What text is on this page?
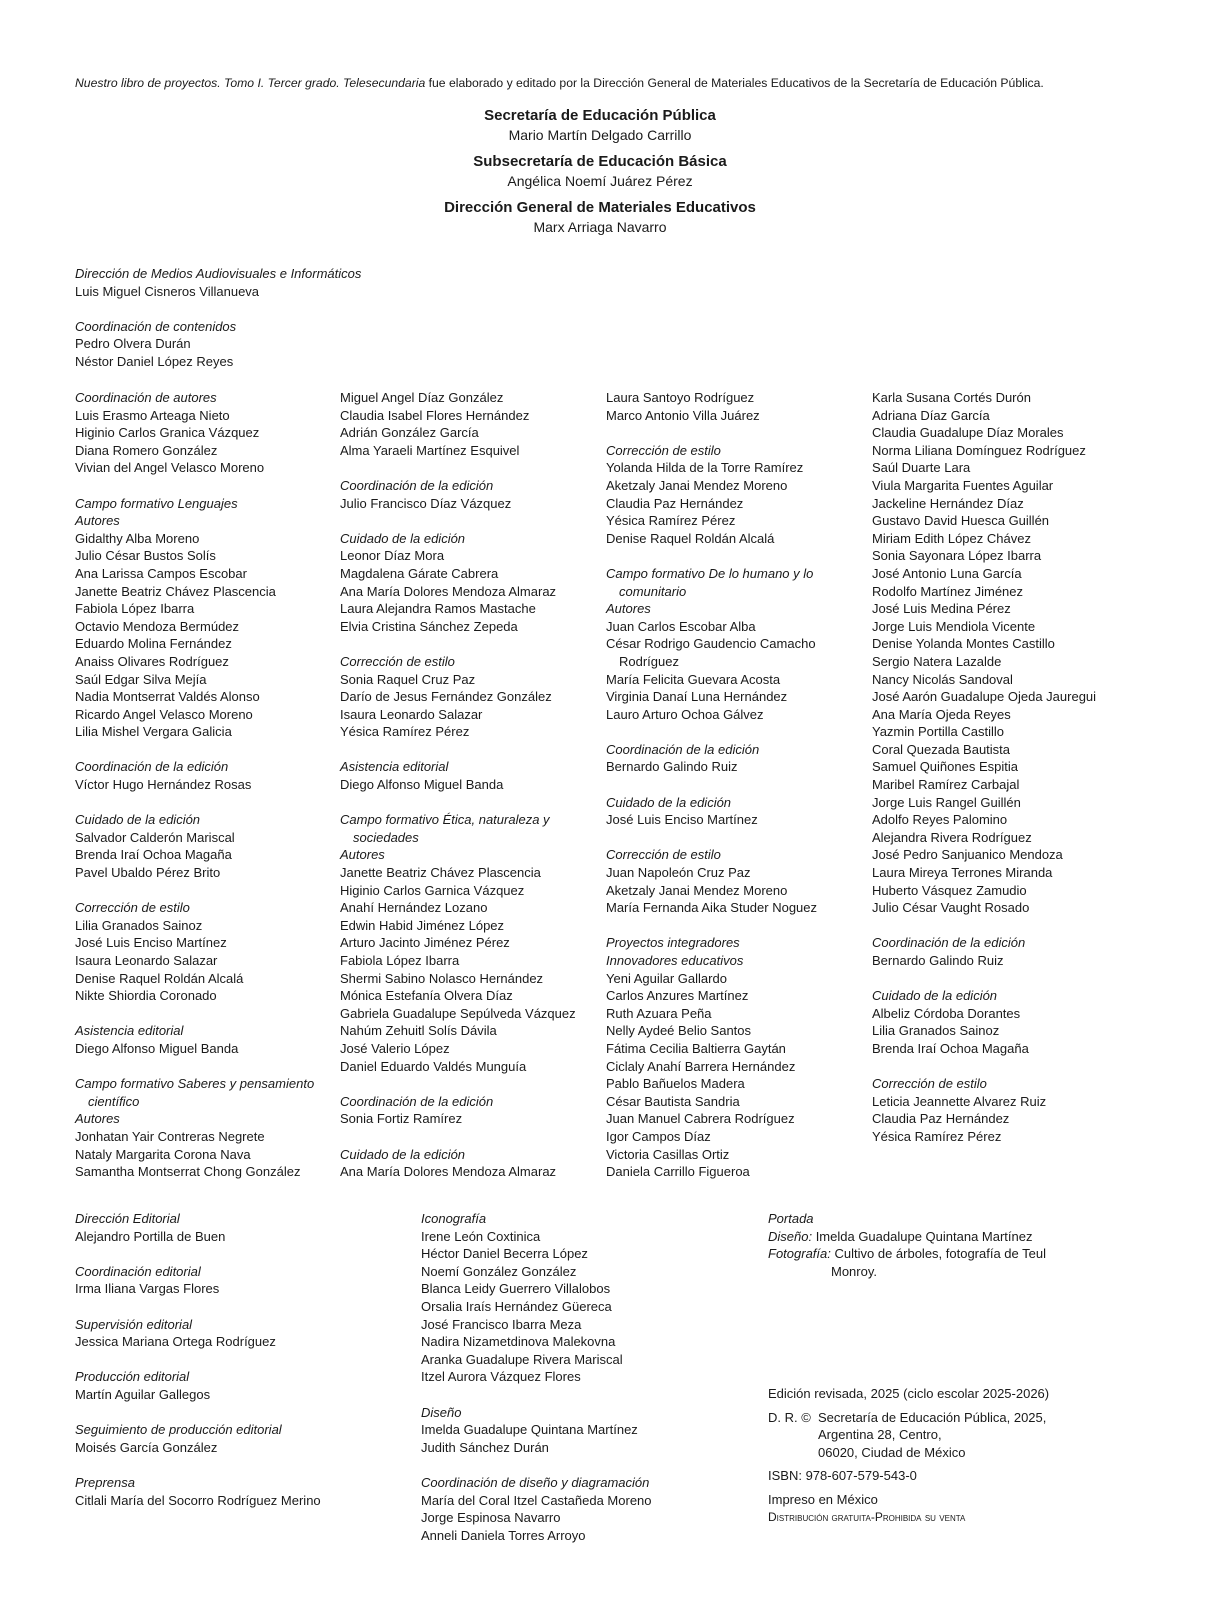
Nuestro libro de proyectos. Tomo I. Tercer grado. Telesecundaria fue elaborado y editado por la Dirección General de Materiales Educativos de la Secretaría de Educación Pública.
Secretaría de Educación Pública
Mario Martín Delgado Carrillo
Subsecretaría de Educación Básica
Angélica Noemí Juárez Pérez
Dirección General de Materiales Educativos
Marx Arriaga Navarro
Dirección de Medios Audiovisuales e Informáticos
Luis Miguel Cisneros Villanueva
Coordinación de contenidos
Pedro Olvera Durán
Néstor Daniel López Reyes
Coordinación de autores
Luis Erasmo Arteaga Nieto
Higinio Carlos Granica Vázquez
Diana Romero González
Vivian del Angel Velasco Moreno
Campo formativo Lenguajes
Autores
Gidalthy Alba Moreno
Julio César Bustos Solís
Ana Larissa Campos Escobar
Janette Beatriz Chávez Plascencia
Fabiola López Ibarra
Octavio Mendoza Bermúdez
Eduardo Molina Fernández
Anaiss Olivares Rodríguez
Saúl Edgar Silva Mejía
Nadia Montserrat Valdés Alonso
Ricardo Angel Velasco Moreno
Lilia Mishel Vergara Galicia
Coordinación de la edición
Víctor Hugo Hernández Rosas
Cuidado de la edición
Salvador Calderón Mariscal
Brenda Iraí Ochoa Magaña
Pavel Ubaldo Pérez Brito
Corrección de estilo
Lilia Granados Sainoz
José Luis Enciso Martínez
Isaura Leonardo Salazar
Denise Raquel Roldán Alcalá
Nikte Shiordia Coronado
Asistencia editorial
Diego Alfonso Miguel Banda
Campo formativo Saberes y pensamiento
científico
Autores
Jonhatan Yair Contreras Negrete
Nataly Margarita Corona Nava
Samantha Montserrat Chong González
Miguel Angel Díaz González
Claudia Isabel Flores Hernández
Adrián González García
Alma Yaraeli Martínez Esquivel
Coordinación de la edición
Julio Francisco Díaz Vázquez
Cuidado de la edición
Leonor Díaz Mora
Magdalena Gárate Cabrera
Ana María Dolores Mendoza Almaraz
Laura Alejandra Ramos Mastache
Elvia Cristina Sánchez Zepeda
Corrección de estilo
Sonia Raquel Cruz Paz
Darío de Jesus Fernández González
Isaura Leonardo Salazar
Yésica Ramírez Pérez
Asistencia editorial
Diego Alfonso Miguel Banda
Campo formativo Ética, naturaleza y
sociedades
Autores
Janette Beatriz Chávez Plascencia
Higinio Carlos Garnica Vázquez
Anahí Hernández Lozano
Edwin Habid Jiménez López
Arturo Jacinto Jiménez Pérez
Fabiola López Ibarra
Shermi Sabino Nolasco Hernández
Mónica Estefanía Olvera Díaz
Gabriela Guadalupe Sepúlveda Vázquez
Nahúm Zehuitl Solís Dávila
José Valerio López
Daniel Eduardo Valdés Munguía
Coordinación de la edición
Sonia Fortiz Ramírez
Cuidado de la edición
Ana María Dolores Mendoza Almaraz
Laura Santoyo Rodríguez
Marco Antonio Villa Juárez
Corrección de estilo
Yolanda Hilda de la Torre Ramírez
Aketzaly Janai Mendez Moreno
Claudia Paz Hernández
Yésica Ramírez Pérez
Denise Raquel Roldán Alcalá
Campo formativo De lo humano y lo
comunitario
Autores
Juan Carlos Escobar Alba
César Rodrigo Gaudencio Camacho
Rodríguez
María Felicita Guevara Acosta
Virginia Danaí Luna Hernández
Lauro Arturo Ochoa Gálvez
Coordinación de la edición
Bernardo Galindo Ruiz
Cuidado de la edición
José Luis Enciso Martínez
Corrección de estilo
Juan Napoleón Cruz Paz
Aketzaly Janai Mendez Moreno
María Fernanda Aika Studer Noguez
Proyectos integradores
Innovadores educativos
Yeni Aguilar Gallardo
Carlos Anzures Martínez
Ruth Azuara Peña
Nelly Aydeé Belio Santos
Fátima Cecilia Baltierra Gaytán
Ciclaly Anahí Barrera Hernández
Pablo Bañuelos Madera
César Bautista Sandria
Juan Manuel Cabrera Rodríguez
Igor Campos Díaz
Victoria Casillas Ortiz
Daniela Carrillo Figueroa
Karla Susana Cortés Durón
Adriana Díaz García
Claudia Guadalupe Díaz Morales
Norma Liliana Domínguez Rodríguez
Saúl Duarte Lara
Viula Margarita Fuentes Aguilar
Jackeline Hernández Díaz
Gustavo David Huesca Guillén
Miriam Edith López Chávez
Sonia Sayonara López Ibarra
José Antonio Luna García
Rodolfo Martínez Jiménez
José Luis Medina Pérez
Jorge Luis Mendiola Vicente
Denise Yolanda Montes Castillo
Sergio Natera Lazalde
Nancy Nicolás Sandoval
José Aarón Guadalupe Ojeda Jauregui
Ana María Ojeda Reyes
Yazmin Portilla Castillo
Coral Quezada Bautista
Samuel Quiñones Espitia
Maribel Ramírez Carbajal
Jorge Luis Rangel Guillén
Adolfo Reyes Palomino
Alejandra Rivera Rodríguez
José Pedro Sanjuanico Mendoza
Laura Mireya Terrones Miranda
Huberto Vásquez Zamudio
Julio César Vaught Rosado
Coordinación de la edición
Bernardo Galindo Ruiz
Cuidado de la edición
Albeliz Córdoba Dorantes
Lilia Granados Sainoz
Brenda Iraí Ochoa Magaña
Corrección de estilo
Leticia Jeannette Alvarez Ruiz
Claudia Paz Hernández
Yésica Ramírez Pérez
Dirección Editorial
Alejandro Portilla de Buen
Coordinación editorial
Irma Iliana Vargas Flores
Supervisión editorial
Jessica Mariana Ortega Rodríguez
Producción editorial
Martín Aguilar Gallegos
Seguimiento de producción editorial
Moisés García González
Preprensa
Citlali María del Socorro Rodríguez Merino
Iconografía
Irene León Coxtinica
Héctor Daniel Becerra López
Noemí González González
Blanca Leidy Guerrero Villalobos
Orsalia Iraís Hernández Güereca
José Francisco Ibarra Meza
Nadira Nizametdinova Malekovna
Aranka Guadalupe Rivera Mariscal
Itzel Aurora Vázquez Flores
Diseño
Imelda Guadalupe Quintana Martínez
Judith Sánchez Durán
Coordinación de diseño y diagramación
María del Coral Itzel Castañeda Moreno
Jorge Espinosa Navarro
Anneli Daniela Torres Arroyo
Portada
Diseño: Imelda Guadalupe Quintana Martínez
Fotografía: Cultivo de árboles, fotografía de Teul
Monroy.
Edición revisada, 2025 (ciclo escolar 2025-2026)
D. R. © Secretaría de Educación Pública, 2025,
Argentina 28, Centro,
06020, Ciudad de México
ISBN: 978-607-579-543-0
Impreso en México
Distribución gratuita-Prohibida su venta
